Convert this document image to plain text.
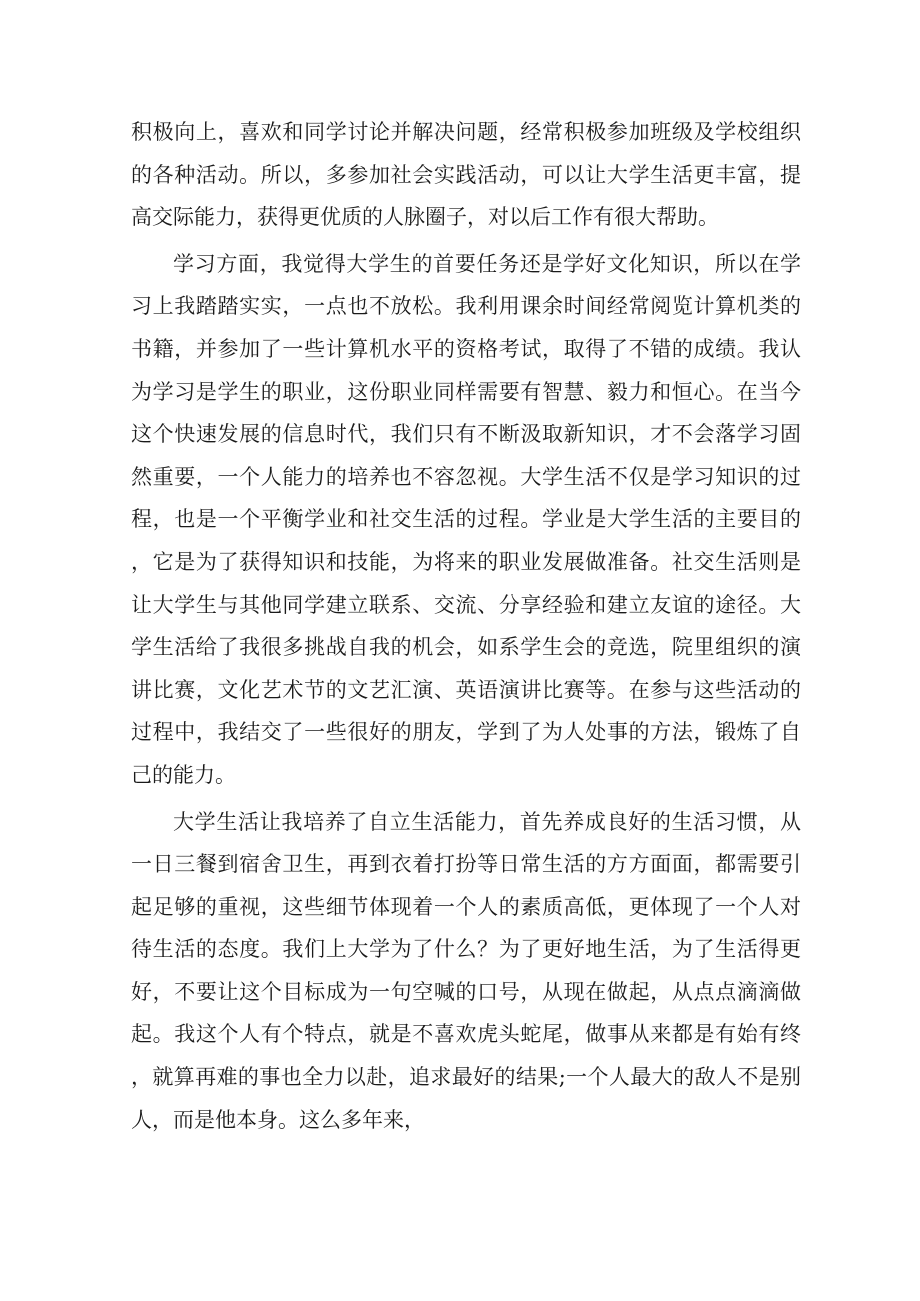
积极向上，喜欢和同学讨论并解决问题，经常积极参加班级及学校组织的各种活动。所以，多参加社会实践活动，可以让大学生活更丰富，提高交际能力，获得更优质的人脉圈子，对以后工作有很大帮助。

学习方面，我觉得大学生的首要任务还是学好文化知识，所以在学习上我踏踏实实，一点也不放松。我利用课余时间经常阅览计算机类的书籍，并参加了一些计算机水平的资格考试，取得了不错的成绩。我认为学习是学生的职业，这份职业同样需要有智慧、毅力和恒心。在当今这个快速发展的信息时代，我们只有不断汲取新知识，才不会落学习固然重要，一个人能力的培养也不容忽视。大学生活不仅是学习知识的过程，也是一个平衡学业和社交生活的过程。学业是大学生活的主要目的，它是为了获得知识和技能，为将来的职业发展做准备。社交生活则是让大学生与其他同学建立联系、交流、分享经验和建立友谊的途径。大学生活给了我很多挑战自我的机会，如系学生会的竞选，院里组织的演讲比赛，文化艺术节的文艺汇演、英语演讲比赛等。在参与这些活动的过程中，我结交了一些很好的朋友，学到了为人处事的方法，锻炼了自己的能力。

大学生活让我培养了自立生活能力，首先养成良好的生活习惯，从一日三餐到宿舍卫生，再到衣着打扮等日常生活的方方面面，都需要引起足够的重视，这些细节体现着一个人的素质高低，更体现了一个人对待生活的态度。我们上大学为了什么？为了更好地生活，为了生活得更好，不要让这个目标成为一句空喊的口号，从现在做起，从点点滴滴做起。我这个人有个特点，就是不喜欢虎头蛇尾，做事从来都是有始有终，就算再难的事也全力以赴，追求最好的结果;一个人最大的敌人不是别人，而是他本身。这么多年来，
